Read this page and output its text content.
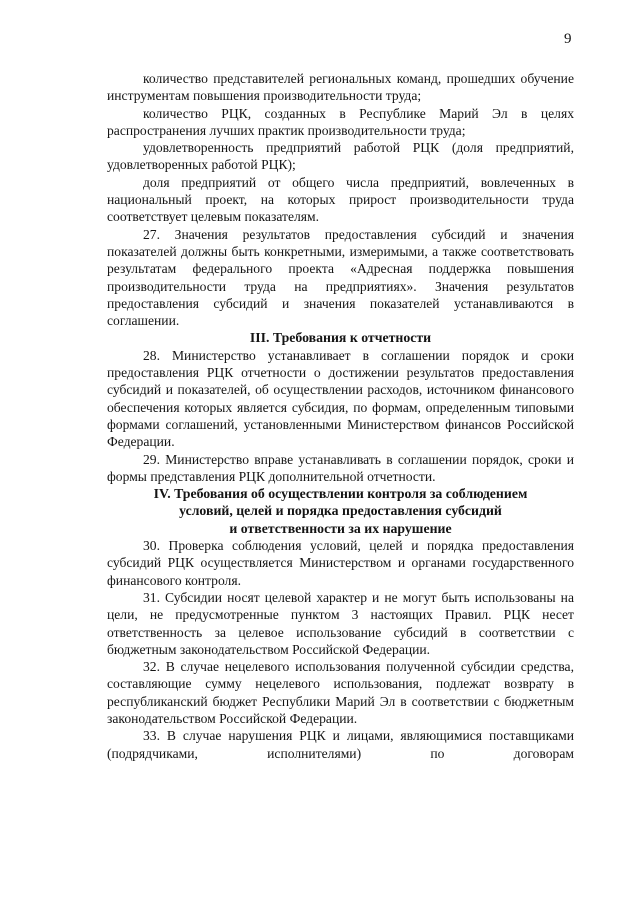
9

количество представителей региональных команд, прошедших обучение инструментам повышения производительности труда;

количество РЦК, созданных в Республике Марий Эл в целях распространения лучших практик производительности труда;

удовлетворенность предприятий работой РЦК (доля предприятий, удовлетворенных работой РЦК);

доля предприятий от общего числа предприятий, вовлеченных в национальный проект, на которых прирост производительности труда соответствует целевым показателям.

27. Значения результатов предоставления субсидий и значения показателей должны быть конкретными, измеримыми, а также соответствовать результатам федерального проекта «Адресная поддержка повышения производительности труда на предприятиях». Значения результатов предоставления субсидий и значения показателей устанавливаются в соглашении.

III. Требования к отчетности

28. Министерство устанавливает в соглашении порядок и сроки предоставления РЦК отчетности о достижении результатов предоставления субсидий и показателей, об осуществлении расходов, источником финансового обеспечения которых является субсидия, по формам, определенным типовыми формами соглашений, установленными Министерством финансов Российской Федерации.

29. Министерство вправе устанавливать в соглашении порядок, сроки и формы представления РЦК дополнительной отчетности.

IV. Требования об осуществлении контроля за соблюдением
условий, целей и порядка предоставления субсидий
и ответственности за их нарушение

30. Проверка соблюдения условий, целей и порядка предоставления субсидий РЦК осуществляется Министерством и органами государственного финансового контроля.

31. Субсидии носят целевой характер и не могут быть использованы на цели, не предусмотренные пунктом 3 настоящих Правил. РЦК несет ответственность за целевое использование субсидий в соответствии с бюджетным законодательством Российской Федерации.

32. В случае нецелевого использования полученной субсидии средства, составляющие сумму нецелевого использования, подлежат возврату в республиканский бюджет Республики Марий Эл в соответствии с бюджетным законодательством Российской Федерации.

33. В случае нарушения РЦК и лицами, являющимися поставщиками (подрядчиками, исполнителями) по договорам
